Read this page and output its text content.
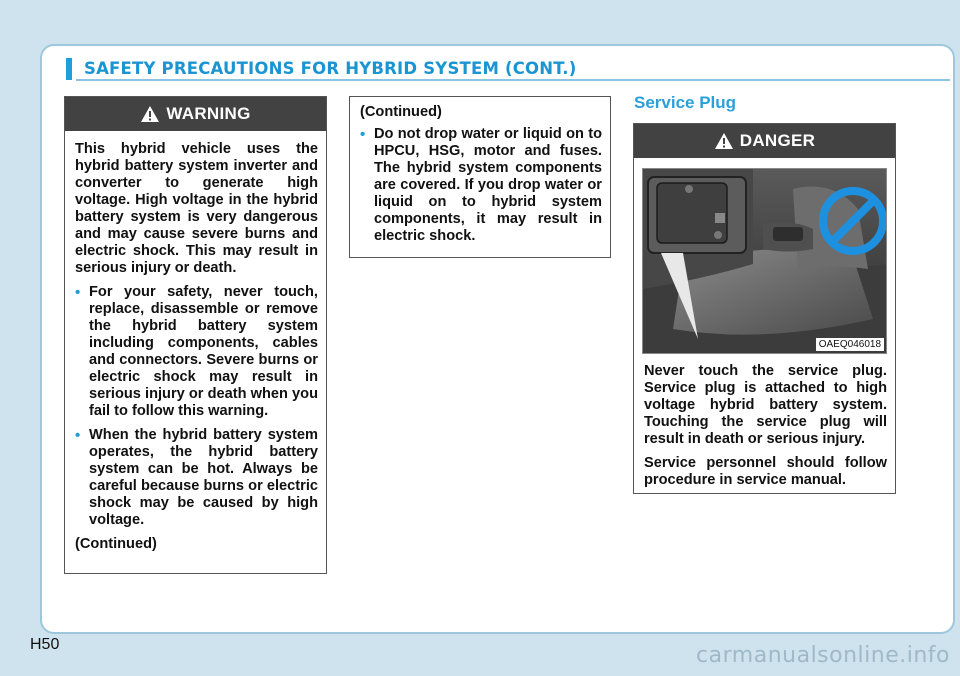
SAFETY PRECAUTIONS FOR HYBRID SYSTEM (CONT.)
WARNING

This hybrid vehicle uses the hybrid battery system inverter and converter to generate high voltage. High voltage in the hybrid battery system is very dangerous and may cause severe burns and electric shock. This may result in serious injury or death.

• For your safety, never touch, replace, disassemble or remove the hybrid battery system including components, cables and connectors. Severe burns or electric shock may result in serious injury or death when you fail to follow this warning.
• When the hybrid battery system operates, the hybrid battery system can be hot. Always be careful because burns or electric shock may be caused by high voltage.

(Continued)

(Continued)

• Do not drop water or liquid on to HPCU, HSG, motor and fuses. The hybrid system components are covered. If you drop water or liquid on to hybrid system components, it may result in electric shock.
Service Plug
DANGER

Never touch the service plug. Service plug is attached to high voltage hybrid battery system. Touching the service plug will result in death or serious injury.

Service personnel should follow procedure in service manual.

OAEQ046018
H50	carmanualsonline.info
